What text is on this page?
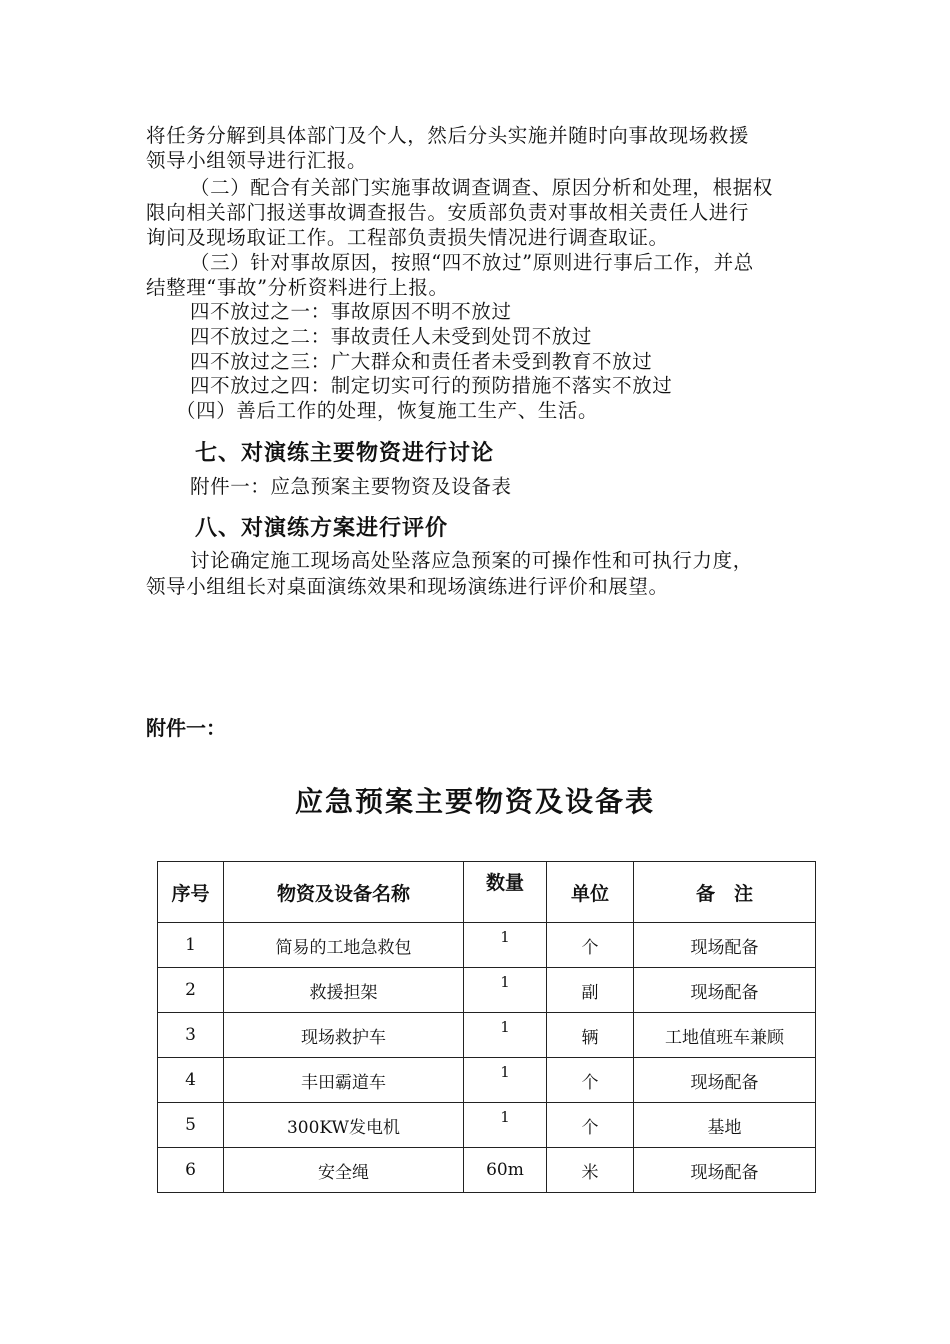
将任务分解到具体部门及个人，然后分头实施并随时向事故现场救援
领导小组领导进行汇报。
（二）配合有关部门实施事故调查调查、原因分析和处理，根据权
限向相关部门报送事故调查报告。安质部负责对事故相关责任人进行
询问及现场取证工作。工程部负责损失情况进行调查取证。
（三）针对事故原因，按照“四不放过”原则进行事后工作，并总
结整理“事故”分析资料进行上报。
四不放过之一：事故原因不明不放过
四不放过之二：事故责任人未受到处罚不放过
四不放过之三：广大群众和责任者未受到教育不放过
四不放过之四：制定切实可行的预防措施不落实不放过
（四）善后工作的处理，恢复施工生产、生活。
七、对演练主要物资进行讨论
附件一：应急预案主要物资及设备表
八、对演练方案进行评价
讨论确定施工现场高处坠落应急预案的可操作性和可执行力度，
领导小组组长对桌面演练效果和现场演练进行评价和展望。
附件一：
应急预案主要物资及设备表
序号	物资及设备名称	数量	单位	备　注
1	简易的工地急救包	1	个	现场配备
2	救援担架	1	副	现场配备
3	现场救护车	1	辆	工地值班车兼顾
4	丰田霸道车	1	个	现场配备
5	300KW发电机	1	个	基地
6	安全绳	60m	米	现场配备
